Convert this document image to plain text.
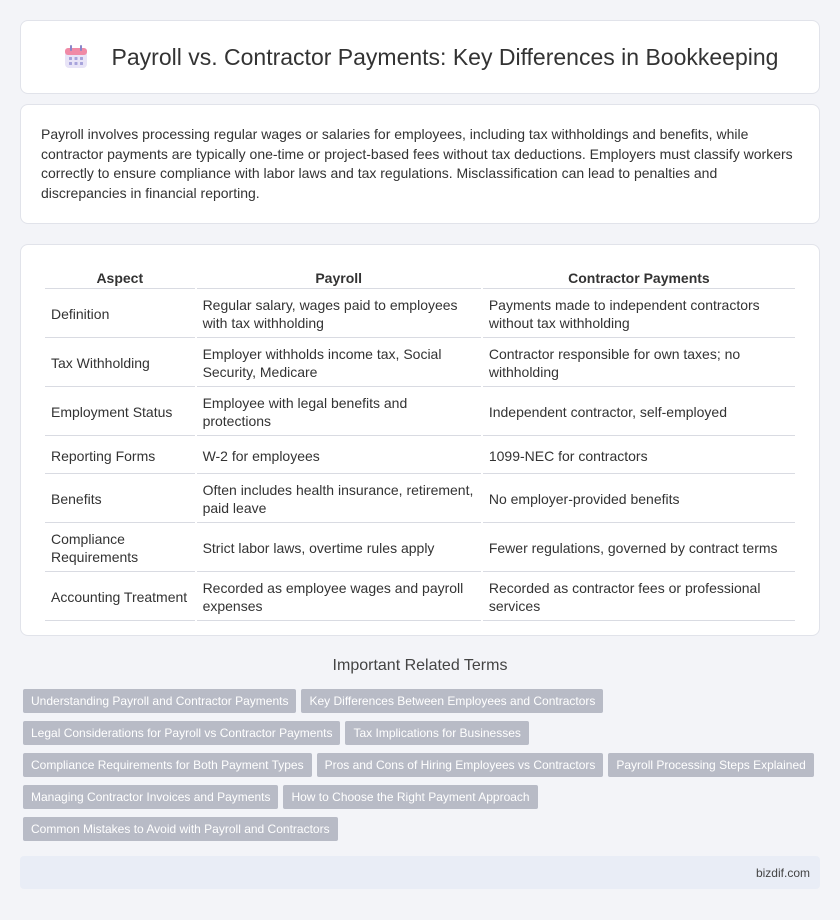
Payroll vs. Contractor Payments: Key Differences in Bookkeeping

Payroll involves processing regular wages or salaries for employees, including tax withholdings and benefits, while contractor payments are typically one-time or project-based fees without tax deductions. Employers must classify workers correctly to ensure compliance with labor laws and tax regulations. Misclassification can lead to penalties and discrepancies in financial reporting.

Aspect	Payroll	Contractor Payments
Definition	Regular salary, wages paid to employees with tax withholding	Payments made to independent contractors without tax withholding
Tax Withholding	Employer withholds income tax, Social Security, Medicare	Contractor responsible for own taxes; no withholding
Employment Status	Employee with legal benefits and protections	Independent contractor, self-employed
Reporting Forms	W-2 for employees	1099-NEC for contractors
Benefits	Often includes health insurance, retirement, paid leave	No employer-provided benefits
Compliance Requirements	Strict labor laws, overtime rules apply	Fewer regulations, governed by contract terms
Accounting Treatment	Recorded as employee wages and payroll expenses	Recorded as contractor fees or professional services
Important Related Terms
Understanding Payroll and Contractor Payments Key Differences Between Employees and Contractors
Legal Considerations for Payroll vs Contractor Payments Tax Implications for Businesses
Compliance Requirements for Both Payment Types Pros and Cons of Hiring Employees vs Contractors Payroll Processing Steps Explained
Managing Contractor Invoices and Payments How to Choose the Right Payment Approach
Common Mistakes to Avoid with Payroll and Contractors
bizdif.com
